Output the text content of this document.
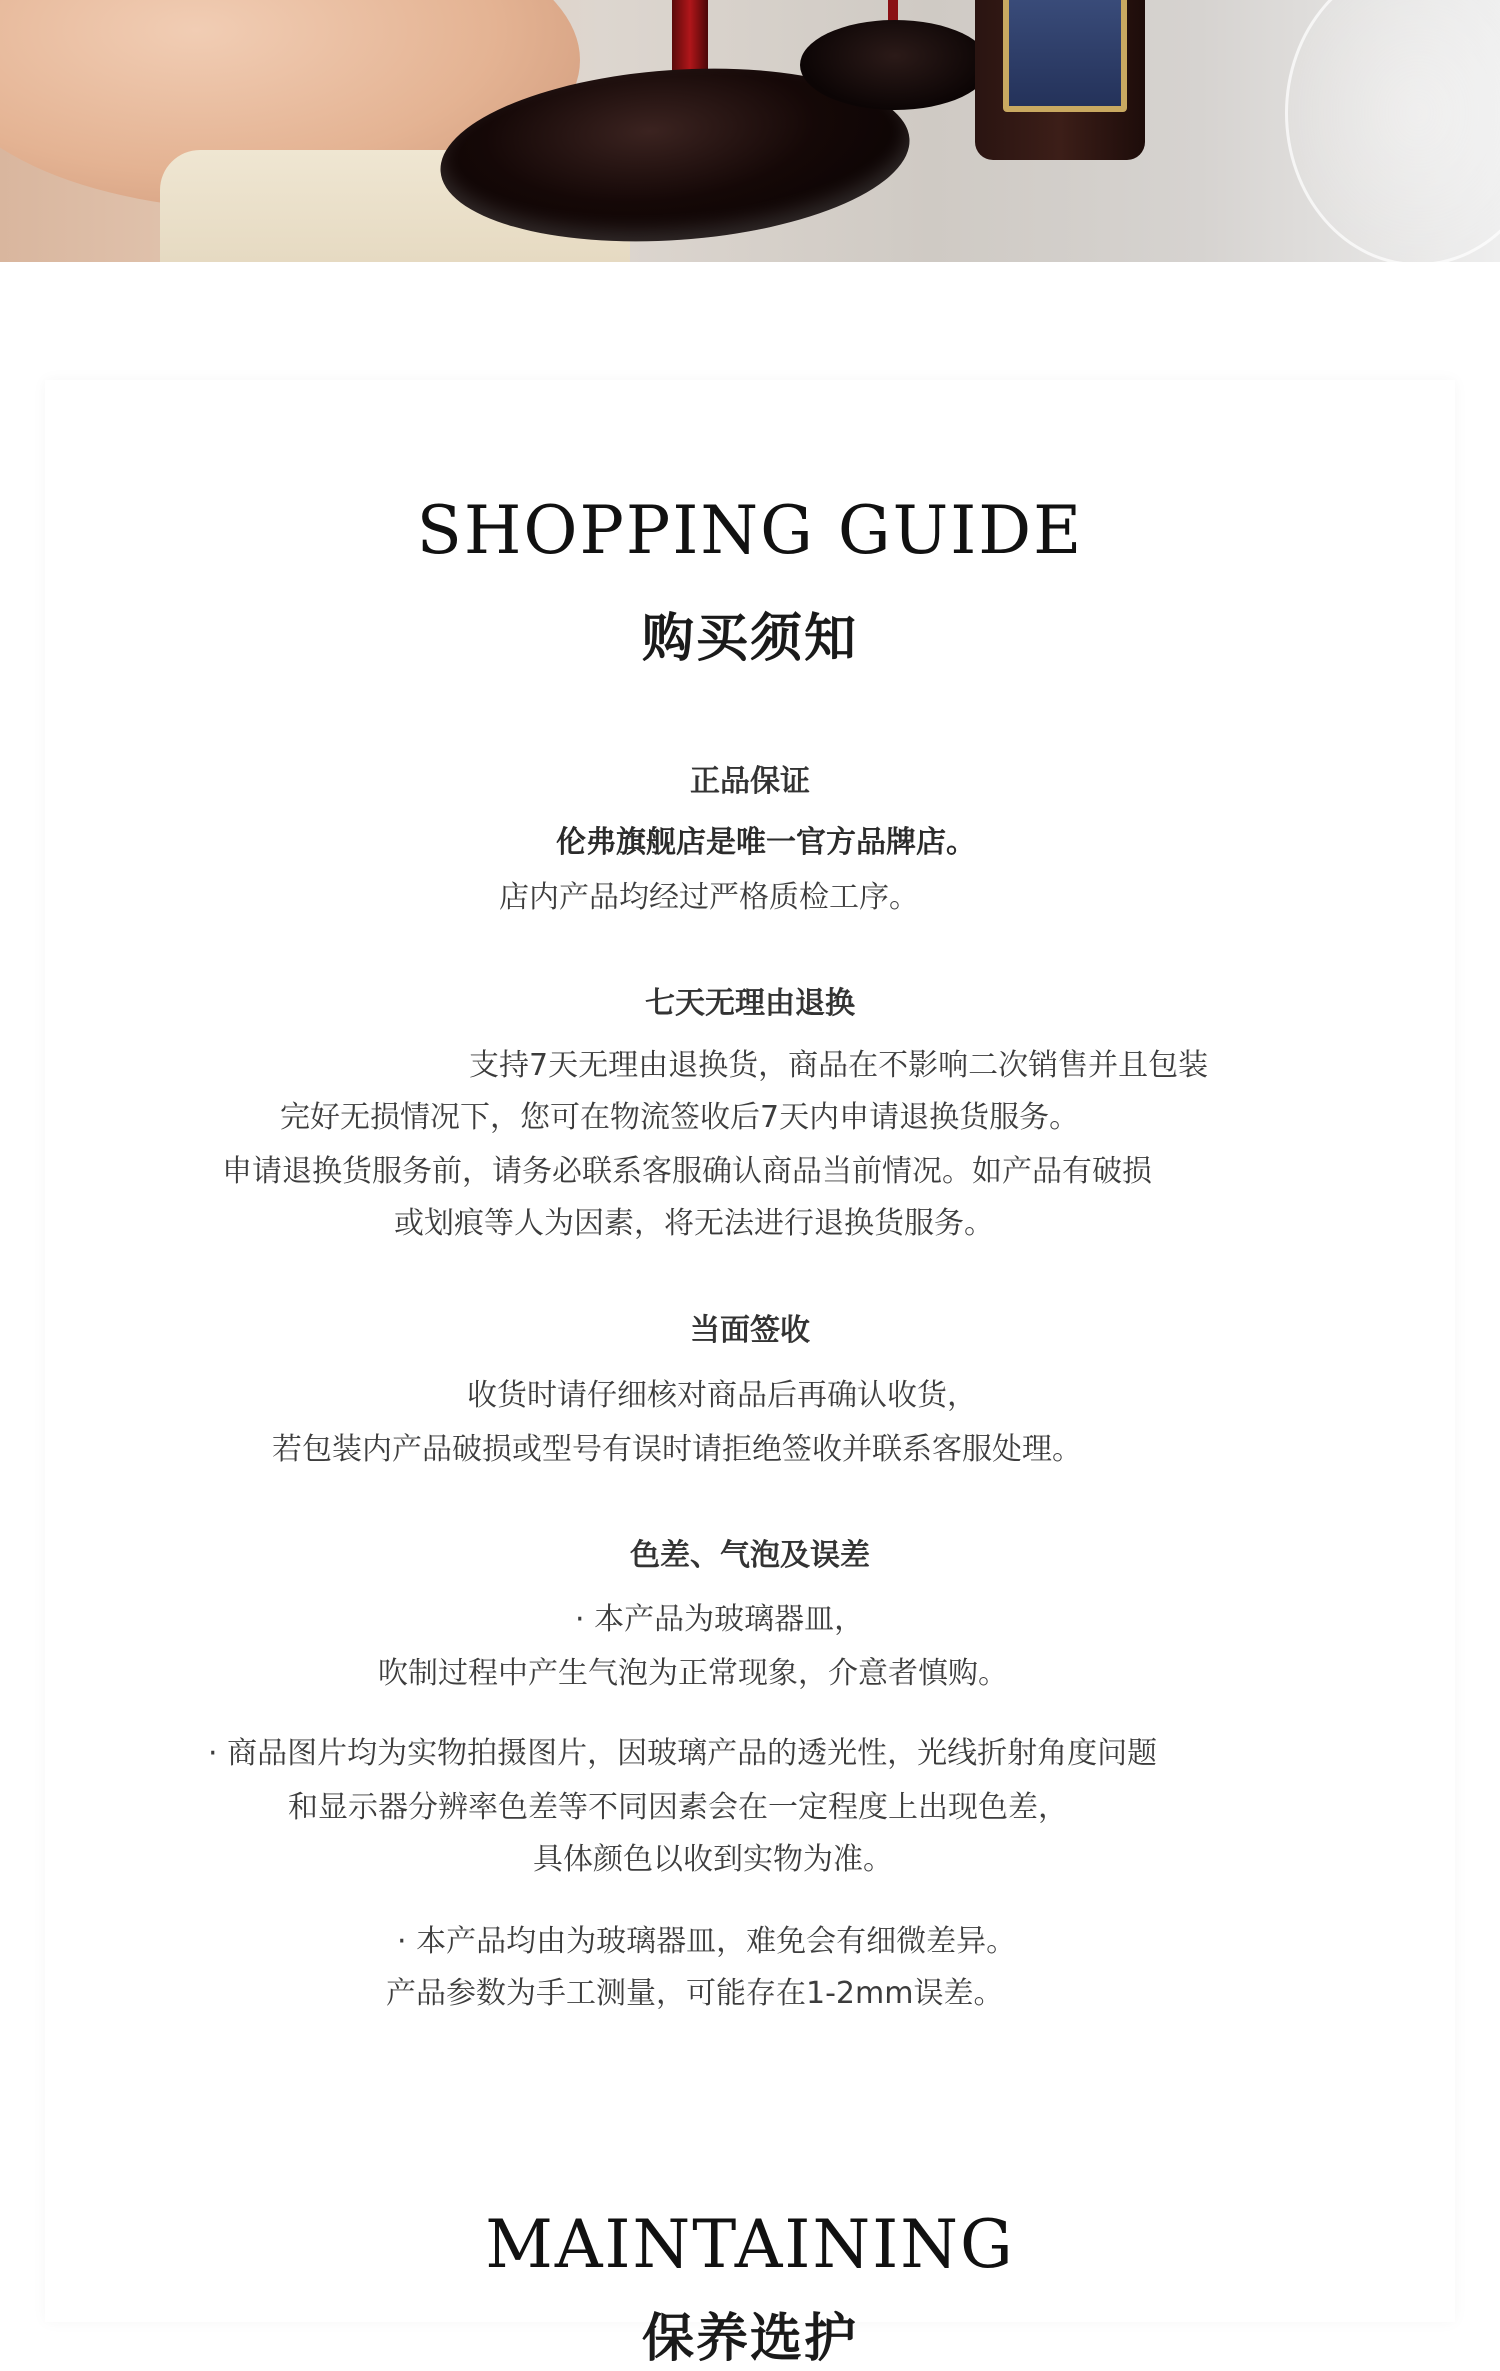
SHOPPING GUIDE
购买须知
正品保证
伦弗旗舰店是唯一官方品牌店。
店内产品均经过严格质检工序。
七天无理由退换
支持7天无理由退换货，商品在不影响二次销售并且包装
完好无损情况下，您可在物流签收后7天内申请退换货服务。
申请退换货服务前，请务必联系客服确认商品当前情况。如产品有破损
或划痕等人为因素，将无法进行退换货服务。
当面签收
收货时请仔细核对商品后再确认收货，
若包装内产品破损或型号有误时请拒绝签收并联系客服处理。
色差、气泡及误差
· 本产品为玻璃器皿，
吹制过程中产生气泡为正常现象，介意者慎购。
· 商品图片均为实物拍摄图片，因玻璃产品的透光性，光线折射角度问题
和显示器分辨率色差等不同因素会在一定程度上出现色差，
具体颜色以收到实物为准。
· 本产品均由为玻璃器皿，难免会有细微差异。
产品参数为手工测量，可能存在1-2mm误差。
MAINTAINING
保养选护
